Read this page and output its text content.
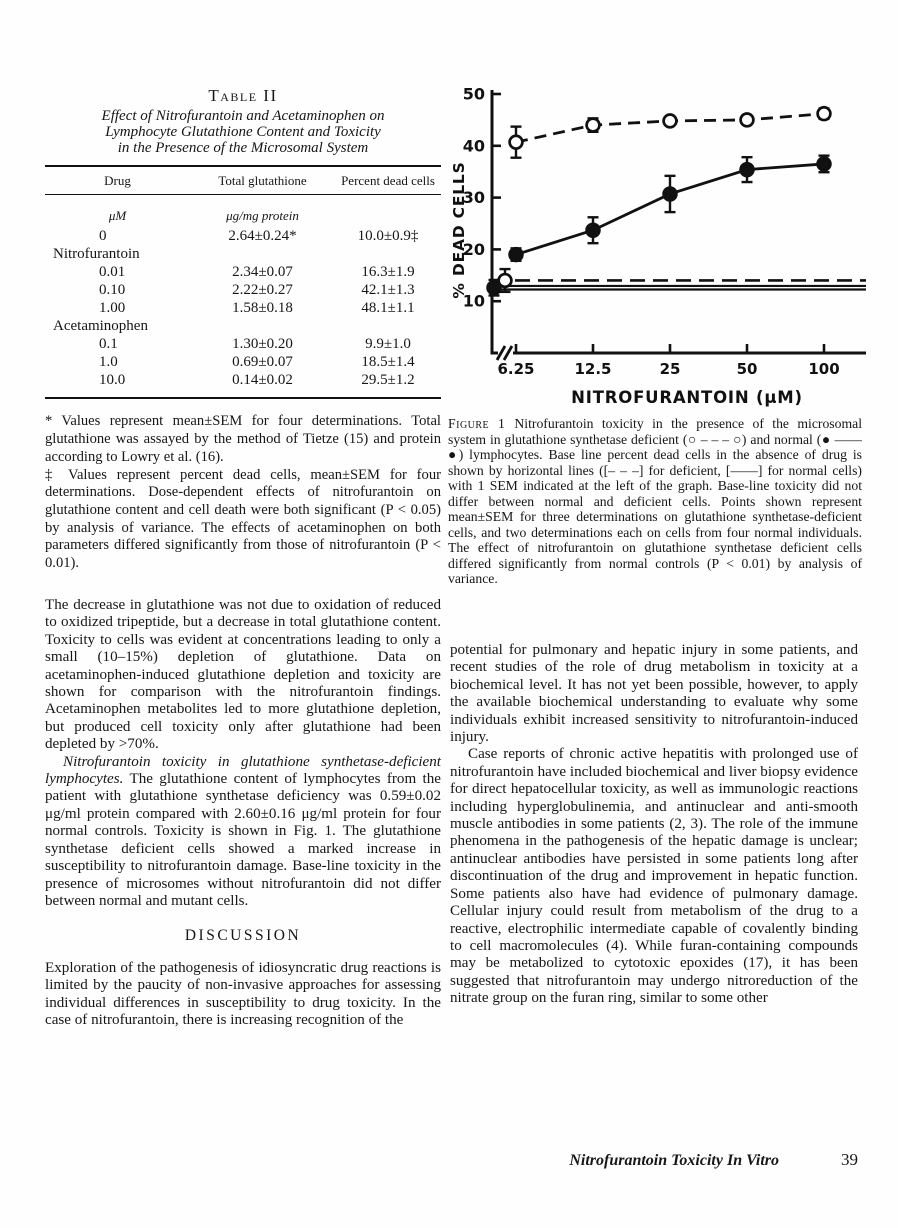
Table II

Effect of Nitrofurantoin and Acetaminophen on

Lymphocyte Glutathione Content and Toxicity

in the Presence of the Microsomal System

Drug	Total glutathione	Percent dead cells
μM	μg/mg protein
0	2.64±0.24*	10.0±0.9‡
Nitrofurantoin
0.01	2.34±0.07	16.3±1.9
0.10	2.22±0.27	42.1±1.3
1.00	1.58±0.18	48.1±1.1
Acetaminophen
0.1	1.30±0.20	9.9±1.0
1.0	0.69±0.07	18.5±1.4
10.0	0.14±0.02	29.5±1.2

* Values represent mean±SEM for four determinations. Total glutathione was assayed by the method of Tietze (15) and protein according to Lowry et al. (16).

‡ Values represent percent dead cells, mean±SEM for four determinations. Dose-dependent effects of nitrofurantoin on glutathione content and cell death were both significant (P < 0.05) by analysis of variance. The effects of acetaminophen on both parameters differed significantly from those of nitrofurantoin (P < 0.01).

10
20
30
40
50
6.25	12.5	25	50	100
NITROFURANTOIN (μM)
% DEAD CELLS

Figure 1 Nitrofurantoin toxicity in the presence of the microsomal system in glutathione synthetase deficient (○ – – – ○) and normal (● ―― ●) lymphocytes. Base line percent dead cells in the absence of drug is shown by horizontal lines ([– – –] for deficient, [――] for normal cells) with 1 SEM indicated at the left of the graph. Base-line toxicity did not differ between normal and deficient cells. Points shown represent mean±SEM for three determinations on glutathione synthetase-deficient cells, and two determinations each on cells from four normal individuals. The effect of nitrofurantoin on glutathione synthetase deficient cells differed significantly from normal controls (P < 0.01) by analysis of variance.

The decrease in glutathione was not due to oxidation of reduced to oxidized tripeptide, but a decrease in total glutathione content. Toxicity to cells was evident at concentrations leading to only a small (10–15%) depletion of glutathione. Data on acetaminophen-induced glutathione depletion and toxicity are shown for comparison with the nitrofurantoin findings. Acetaminophen metabolites led to more glutathione depletion, but produced cell toxicity only after glutathione had been depleted by >70%.

Nitrofurantoin toxicity in glutathione synthetase-deficient lymphocytes. The glutathione content of lymphocytes from the patient with glutathione synthetase deficiency was 0.59±0.02 μg/ml protein compared with 2.60±0.16 μg/ml protein for four normal controls. Toxicity is shown in Fig. 1. The glutathione synthetase deficient cells showed a marked increase in susceptibility to nitrofurantoin damage. Base-line toxicity in the presence of microsomes without nitrofurantoin did not differ between normal and mutant cells.

DISCUSSION

Exploration of the pathogenesis of idiosyncratic drug reactions is limited by the paucity of non-invasive approaches for assessing individual differences in susceptibility to drug toxicity. In the case of nitrofurantoin, there is increasing recognition of the

potential for pulmonary and hepatic injury in some patients, and recent studies of the role of drug metabolism in toxicity at a biochemical level. It has not yet been possible, however, to apply the available biochemical understanding to evaluate why some individuals exhibit increased sensitivity to nitrofurantoin-induced injury.

Case reports of chronic active hepatitis with prolonged use of nitrofurantoin have included biochemical and liver biopsy evidence for direct hepatocellular toxicity, as well as immunologic reactions including hyperglobulinemia, and antinuclear and anti-smooth muscle antibodies in some patients (2, 3). The role of the immune phenomena in the pathogenesis of the hepatic damage is unclear; antinuclear antibodies have persisted in some patients long after discontinuation of the drug and improvement in hepatic function. Some patients also have had evidence of pulmonary damage. Cellular injury could result from metabolism of the drug to a reactive, electrophilic intermediate capable of covalently binding to cell macromolecules (4). While furan-containing compounds may be metabolized to cytotoxic epoxides (17), it has been suggested that nitrofurantoin may undergo nitroreduction of the nitrate group on the furan ring, similar to some other

Nitrofurantoin Toxicity In Vitro	39
